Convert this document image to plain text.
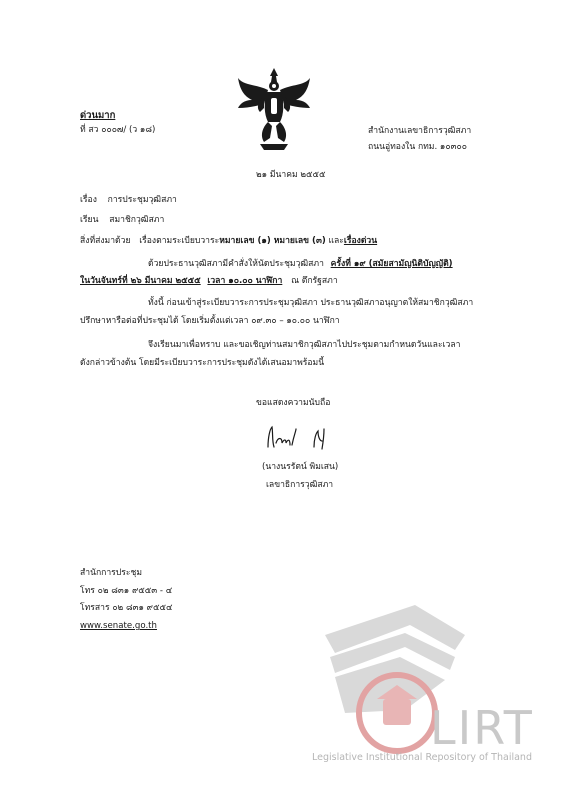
ด่วนมาก
ที่ สว ๐๐๐๗/ (ว ๑๘)	สำนักงานเลขาธิการวุฒิสภา
ถนนอู่ทองใน กทม. ๑๐๓๐๐
๒๑ มีนาคม ๒๕๕๕
เรื่อง การประชุมวุฒิสภา
เรียน สมาชิกวุฒิสภา
สิ่งที่ส่งมาด้วย เรื่องตามระเบียบวาระหมายเลข (๑) หมายเลข (๓) และเรื่องด่วน
ด้วยประธานวุฒิสภามีคำสั่งให้นัดประชุมวุฒิสภา ครั้งที่ ๑๙ (สมัยสามัญนิติบัญญัติ)
ในวันจันทร์ที่ ๒๖ มีนาคม ๒๕๕๕ เวลา ๑๐.๐๐ นาฬิกา ณ ตึกรัฐสภา
ทั้งนี้ ก่อนเข้าสู่ระเบียบวาระการประชุมวุฒิสภา ประธานวุฒิสภาอนุญาตให้สมาชิกวุฒิสภา
ปรึกษาหารือต่อที่ประชุมได้ โดยเริ่มตั้งแต่เวลา ๐๙.๓๐ – ๑๐.๐๐ นาฬิกา
จึงเรียนมาเพื่อทราบ และขอเชิญท่านสมาชิกวุฒิสภาไปประชุมตามกำหนดวันและเวลา
ดังกล่าวข้างต้น โดยมีระเบียบวาระการประชุมดังได้เสนอมาพร้อมนี้
ขอแสดงความนับถือ
(นางนรรัตน์ พิมเสน)
เลขาธิการวุฒิสภา
สำนักการประชุม
โทร ๐๒ ๘๓๑ ๙๕๕๓ - ๔
โทรสาร ๐๒ ๘๓๑ ๙๕๕๔
www.senate.go.th
LIRT
Legislative Institutional Repository of Thailand
